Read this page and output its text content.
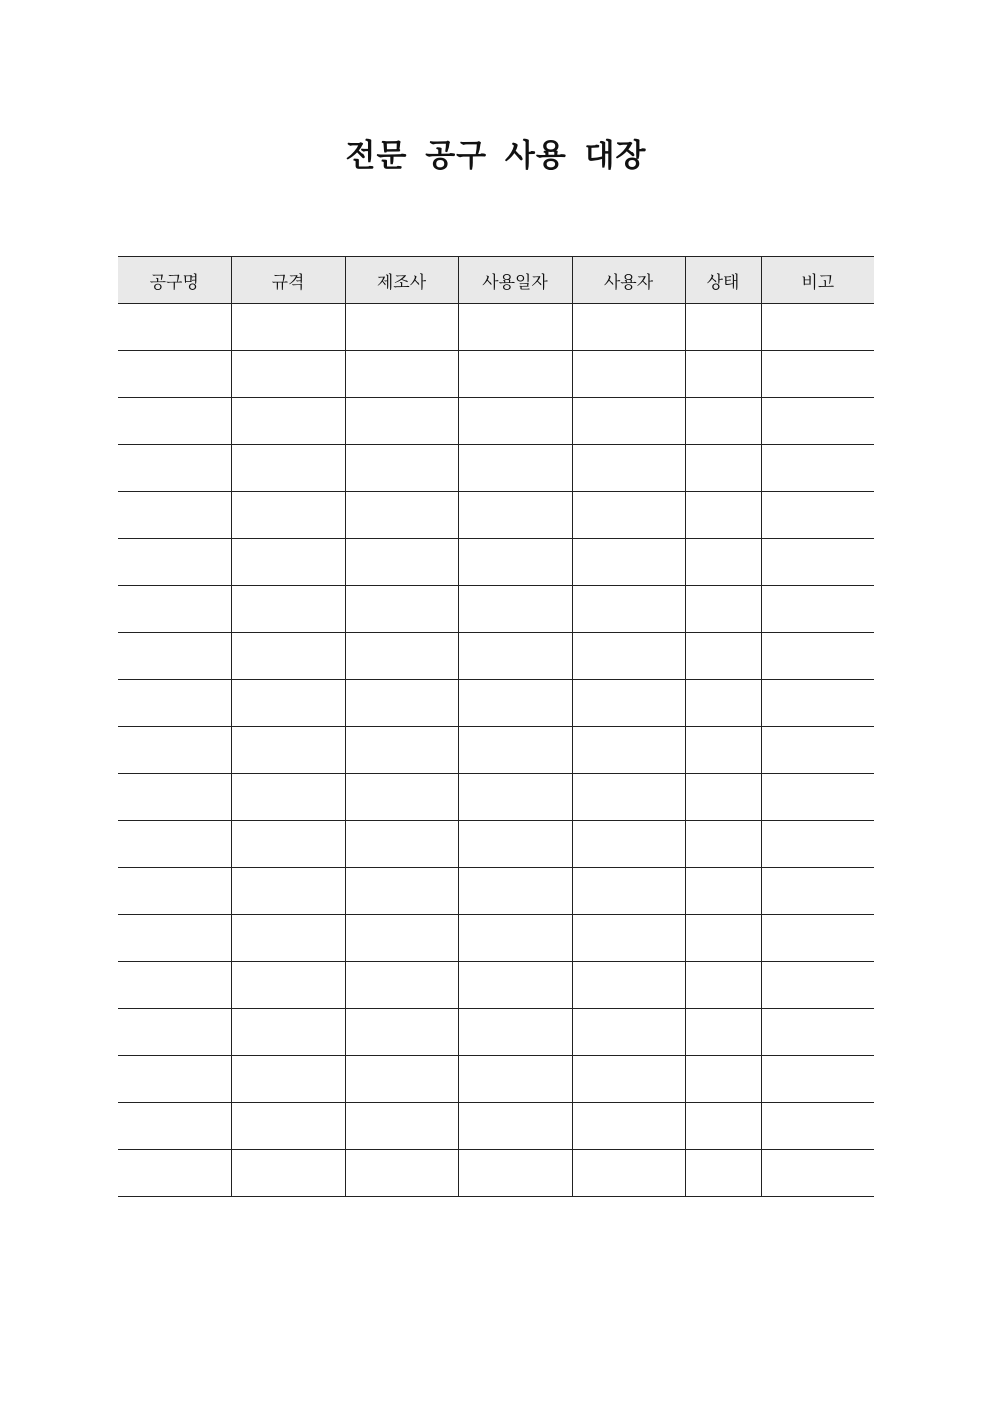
전문 공구 사용 대장
공구명	규격	제조사	사용일자	사용자	상태	비고
